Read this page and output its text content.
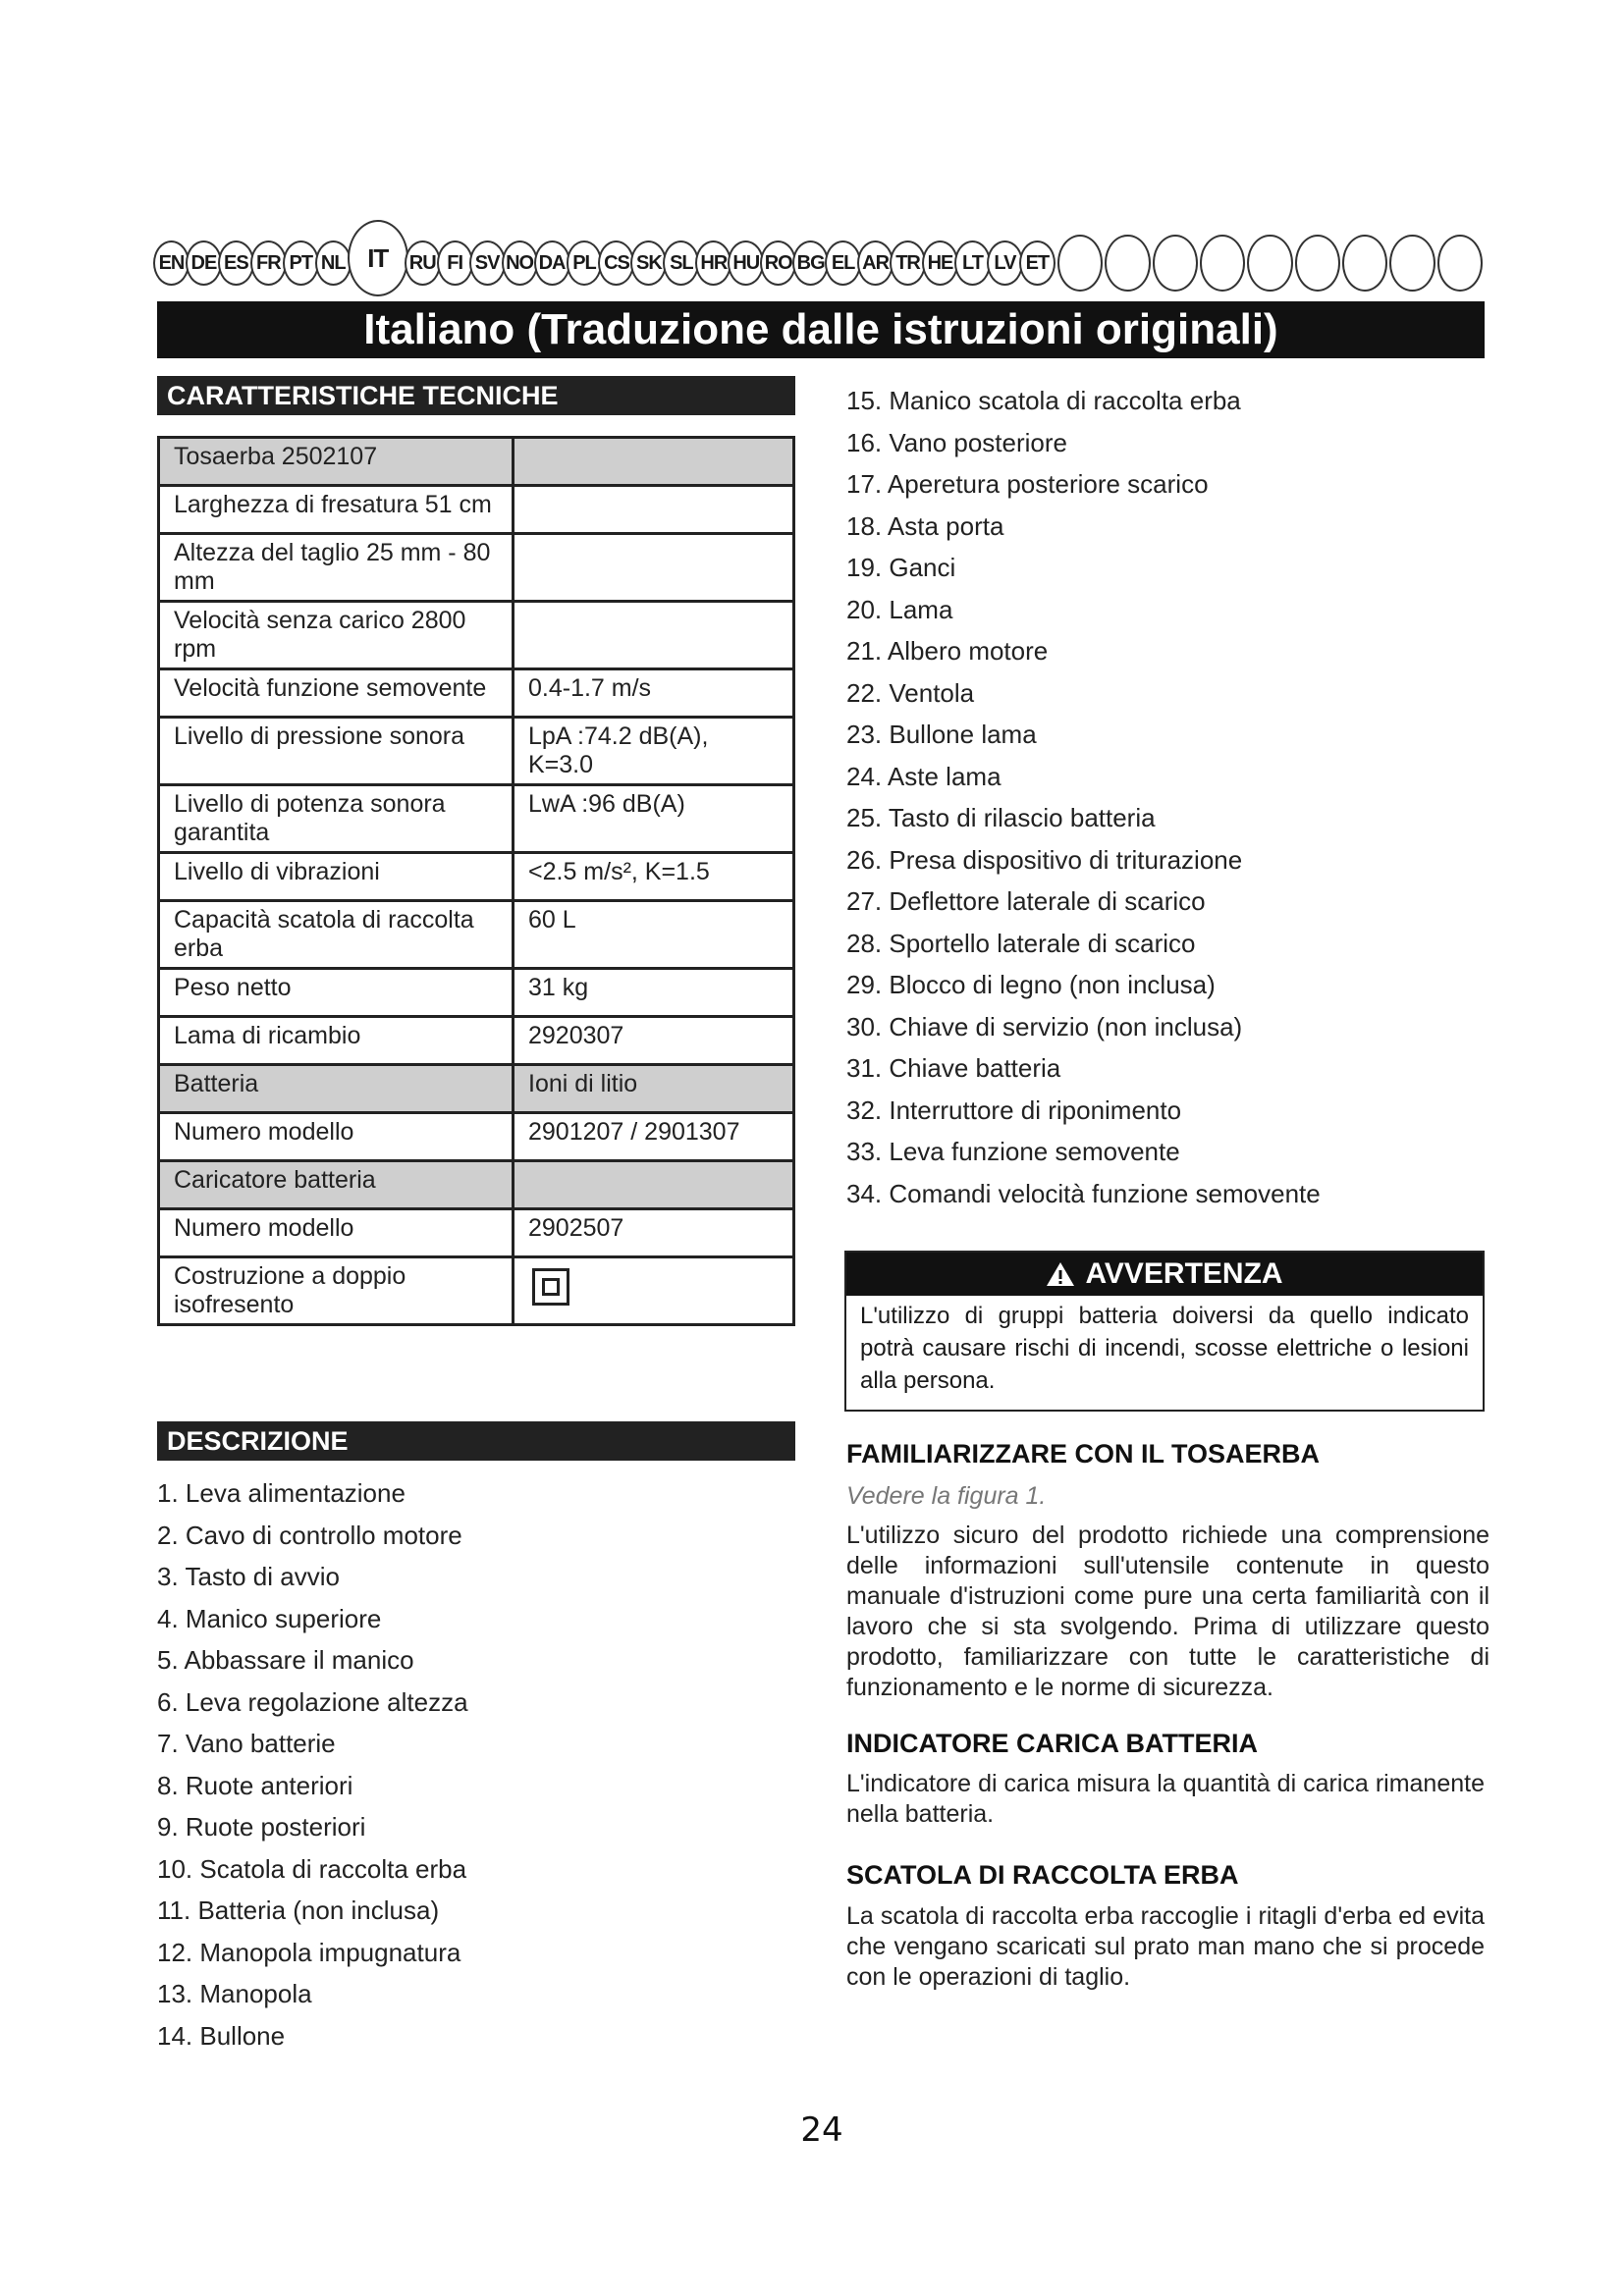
EN DE ES FR PT NL IT	RU FI SV NO DA PL CS SK SL HR HU RO BG EL AR TR HE LT LV ET
Italiano (Traduzione dalle istruzioni originali)
CARATTERISTICHE TECNICHE
Tosaerba 2502107	
Larghezza di fresatura 51 cm	
Altezza del taglio 25 mm - 80 mm	
Velocità senza carico 2800 rpm	
Velocità funzione semovente	0.4-1.7 m/s
Livello di pressione sonora	LpA :74.2 dB(A), K=3.0
Livello di potenza sonora garantita	LwA :96 dB(A)
Livello di vibrazioni	<2.5 m/s², K=1.5
Capacità scatola di raccolta erba	60 L
Peso netto	31 kg
Lama di ricambio	2920307
Batteria	Ioni di litio
Numero modello	2901207 / 2901307
Caricatore batteria	
Numero modello	2902507
Costruzione a doppio isofresento	
DESCRIZIONE
1. Leva alimentazione
2. Cavo di controllo motore
3. Tasto di avvio
4. Manico superiore
5. Abbassare il manico
6. Leva regolazione altezza
7. Vano batterie
8. Ruote anteriori
9. Ruote posteriori
10. Scatola di raccolta erba
11. Batteria (non inclusa)
12. Manopola impugnatura
13. Manopola
14. Bullone
15. Manico scatola di raccolta erba
16. Vano posteriore
17. Aperetura posteriore scarico
18. Asta porta
19. Ganci
20. Lama
21. Albero motore
22. Ventola
23. Bullone lama
24. Aste lama
25. Tasto di rilascio batteria
26. Presa dispositivo di triturazione
27. Deflettore laterale di scarico
28. Sportello laterale di scarico
29. Blocco di legno (non inclusa)
30. Chiave di servizio (non inclusa)
31. Chiave batteria
32. Interruttore di riponimento
33. Leva funzione semovente
34. Comandi velocità funzione semovente
AVVERTENZA
L'utilizzo di gruppi batteria doiversi da quello indicato potrà causare rischi di incendi, scosse elettriche o lesioni alla persona.
FAMILIARIZZARE CON IL TOSAERBA
Vedere la figura 1.

L'utilizzo sicuro del prodotto richiede una comprensione delle informazioni sull'utensile contenute in questo manuale d'istruzioni come pure una certa familiarità con il lavoro che si sta svolgendo. Prima di utilizzare questo prodotto, familiarizzare con tutte le caratteristiche di funzionamento e le norme di sicurezza.

INDICATORE CARICA BATTERIA

L'indicatore di carica misura la quantità di carica rimanente nella batteria.

SCATOLA DI RACCOLTA ERBA

La scatola di raccolta erba raccoglie i ritagli d'erba ed evita che vengano scaricati sul prato man mano che si procede con le operazioni di taglio.

24
